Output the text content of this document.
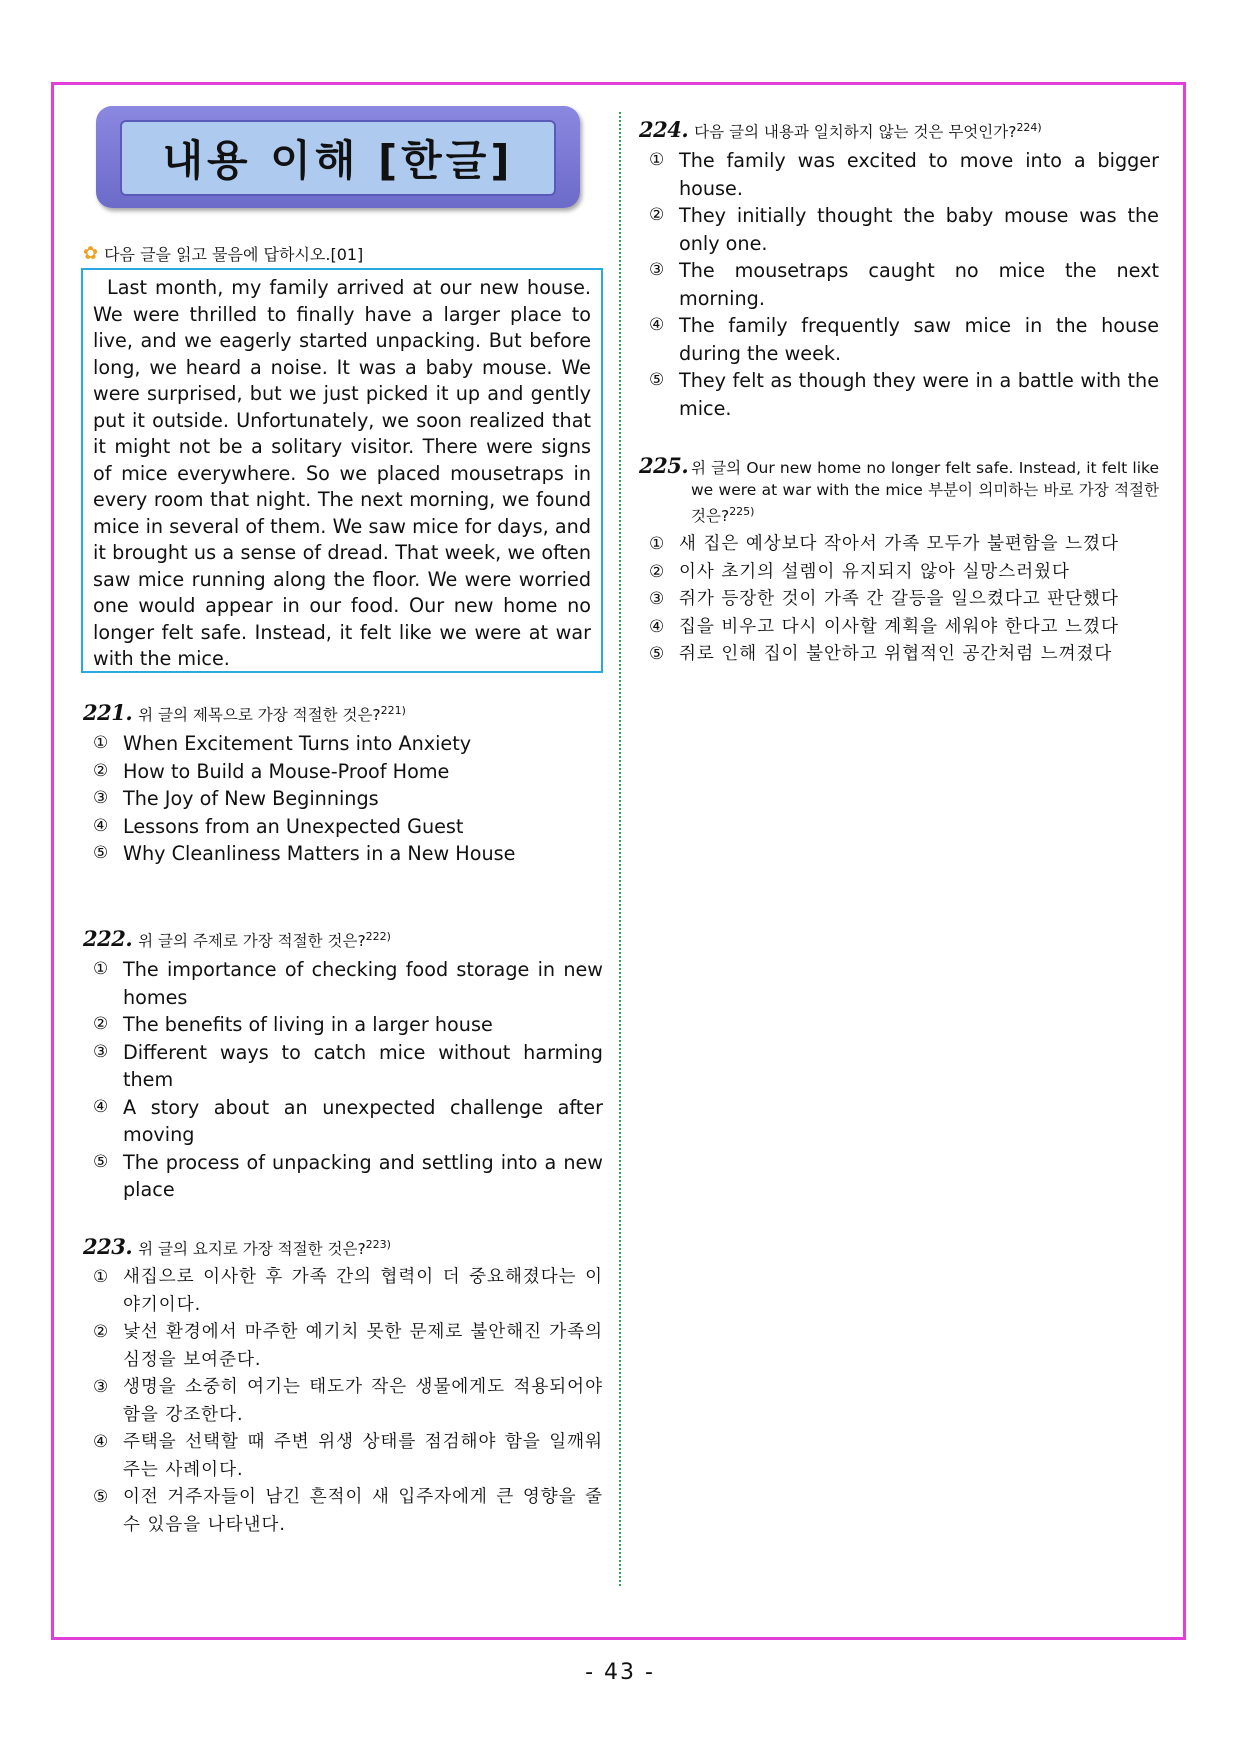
내용 이해 [한글]
✿ 다음 글을 읽고 물음에 답하시오.[01]
Last month, my family arrived at our new house. We were thrilled to finally have a larger place to live, and we eagerly started unpacking. But before long, we heard a noise. It was a baby mouse. We were surprised, but we just picked it up and gently put it outside. Unfortunately, we soon realized that it might not be a solitary visitor. There were signs of mice everywhere. So we placed mousetraps in every room that night. The next morning, we found mice in several of them. We saw mice for days, and it brought us a sense of dread. That week, we often saw mice running along the floor. We were worried one would appear in our food. Our new home no longer felt safe. Instead, it felt like we were at war with the mice.
221. 위 글의 제목으로 가장 적절한 것은?$^{221)}$
① When Excitement Turns into Anxiety
② How to Build a Mouse-Proof Home
③ The Joy of New Beginnings
④ Lessons from an Unexpected Guest
⑤ Why Cleanliness Matters in a New House
222. 위 글의 주제로 가장 적절한 것은?$^{222)}$
① The importance of checking food storage in new homes
② The benefits of living in a larger house
③ Different ways to catch mice without harming them
④ A story about an unexpected challenge after moving
⑤ The process of unpacking and settling into a new place
223. 위 글의 요지로 가장 적절한 것은?$^{223)}$
① 새집으로 이사한 후 가족 간의 협력이 더 중요해졌다는 이야기이다.
② 낯선 환경에서 마주한 예기치 못한 문제로 불안해진 가족의 심정을 보여준다.
③ 생명을 소중히 여기는 태도가 작은 생물에게도 적용되어야 함을 강조한다.
④ 주택을 선택할 때 주변 위생 상태를 점검해야 함을 일깨워주는 사례이다.
⑤ 이전 거주자들이 남긴 흔적이 새 입주자에게 큰 영향을 줄 수 있음을 나타낸다.
224. 다음 글의 내용과 일치하지 않는 것은 무엇인가?$^{224)}$
① The family was excited to move into a bigger house.
② They initially thought the baby mouse was the only one.
③ The mousetraps caught no mice the next morning.
④ The family frequently saw mice in the house during the week.
⑤ They felt as though they were in a battle with the mice.
225. 위 글의 Our new home no longer felt safe. Instead, it felt like we were at war with the mice 부분이 의미하는 바로 가장 적절한 것은?$^{225)}$
① 새 집은 예상보다 작아서 가족 모두가 불편함을 느꼈다
② 이사 초기의 설렘이 유지되지 않아 실망스러웠다
③ 쥐가 등장한 것이 가족 간 갈등을 일으켰다고 판단했다
④ 집을 비우고 다시 이사할 계획을 세워야 한다고 느꼈다
⑤ 쥐로 인해 집이 불안하고 위협적인 공간처럼 느껴졌다
- 43 -
